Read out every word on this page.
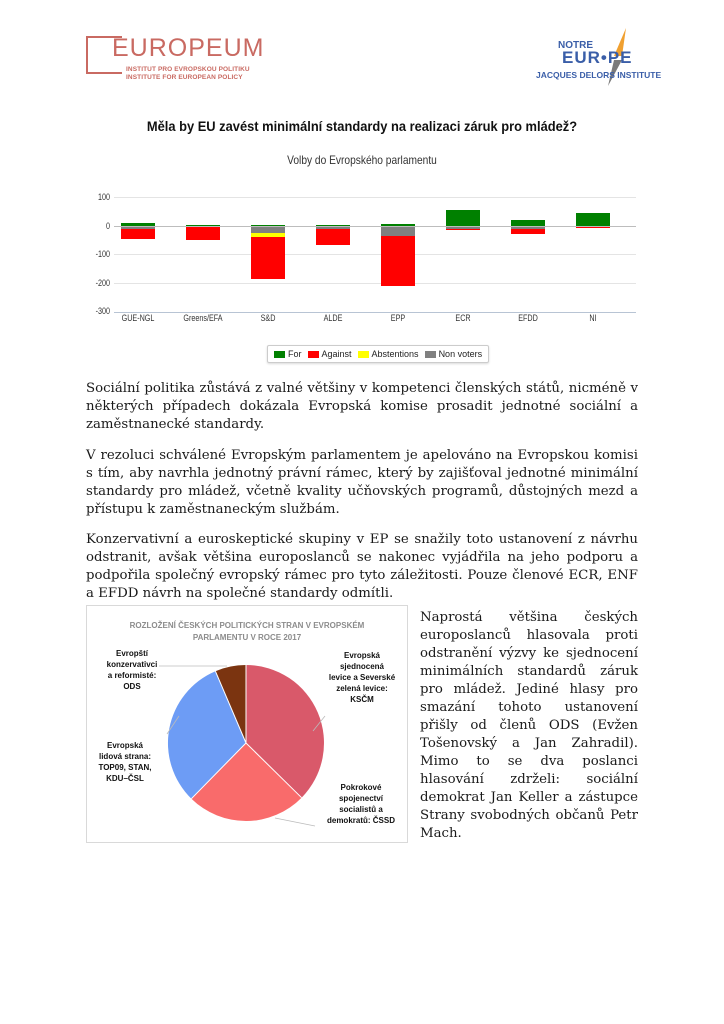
EUROPEUM
INSTITUT PRO EVROPSKOU POLITIKU
INSTITUTE FOR EUROPEAN POLICY
NOTRE
EUR•PE
JACQUES DELORS INSTITUTE
Měla by EU zavést minimální standardy na realizaci záruk pro mládež?
Volby do Evropského parlamentu
100
0
-100
-200
-300
GUE-NGL	Greens/EFA	S&D	ALDE	EPP	ECR	EFDD	NI
For Against Abstentions Non voters

Sociální politika zůstává z valné většiny v kompetenci členských států, nicméně v některých případech dokázala Evropská komise prosadit jednotné sociální a zaměstnanecké standardy.

V rezoluci schválené Evropským parlamentem je apelováno na Evropskou komisi s tím, aby navrhla jednotný právní rámec, který by zajišťoval jednotné minimální standardy pro mládež, včetně kvality učňovských programů, důstojných mezd a přístupu k zaměstnaneckým službám.

Konzervativní a euroskeptické skupiny v EP se snažily toto ustanovení z návrhu odstranit, avšak většina europoslanců se nakonec vyjádřila na jeho podporu a podpořila společný evropský rámec pro tyto záležitosti. Pouze členové ECR, ENF a EFDD návrh na společné standardy odmítli.

ROZLOŽENÍ ČESKÝCH POLITICKÝCH STRAN V EVROPSKÉM
PARLAMENTU V ROCE 2017
Evropští
konzervativci
a reformisté:
ODS
Evropská
sjednocená
levice a Severské
zelená levice:
KSČM
Evropská
lidová strana:
TOP09, STAN,
KDU–ČSL
Pokrokové
spojenectví
socialistů a
demokratů: ČSSD
Naprostá většina českých europoslanců hlasovala proti odstranění výzvy ke sjednocení minimálních standardů záruk pro mládež. Jediné hlasy pro smazání tohoto ustanovení přišly od členů ODS (Evžen Tošenovský a Jan Zahradil). Mimo to se dva poslanci hlasování zdrželi: sociální demokrat Jan Keller a zástupce Strany svobodných občanů Petr Mach.
